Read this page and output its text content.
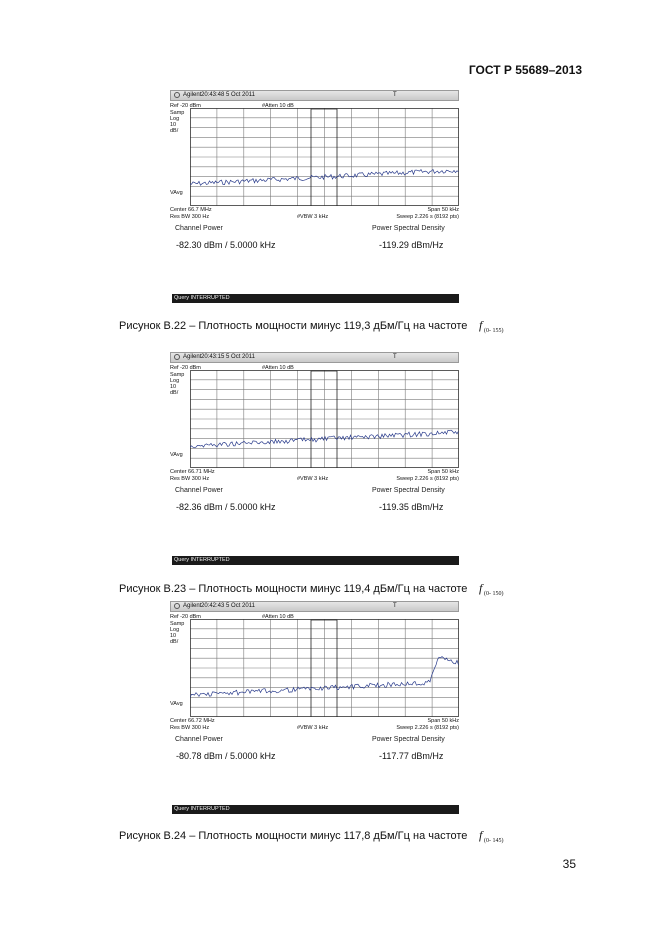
ГОСТ Р 55689–2013
Agilent 20:43:48 5 Oct 2011	T
Ref -20 dBm	#Atten 10 dB
Samp
Log
10
dB/
VAvg
Center 66.7 MHz	Span 50 kHz
Res BW 300 Hz	#VBW 3 kHz	Sweep 2.226 s (8192 pts)
Channel Power	Power Spectral Density
-82.30 dBm / 5.0000 kHz	-119.29 dBm/Hz
Query INTERRUPTED
Рисунок В.22 – Плотность мощности минус 119,3 дБм/Гц на частоте f (0- 155)
Agilent 20:43:15 5 Oct 2011	T
Ref -20 dBm	#Atten 10 dB
Samp
Log
10
dB/
VAvg
Center 66.71 MHz	Span 50 kHz
Res BW 300 Hz	#VBW 3 kHz	Sweep 2.226 s (8192 pts)
Channel Power	Power Spectral Density
-82.36 dBm / 5.0000 kHz	-119.35 dBm/Hz
Query INTERRUPTED
Рисунок В.23 – Плотность мощности минус 119,4 дБм/Гц на частоте f (0- 150)
Agilent 20:42:43 5 Oct 2011	T
Ref -20 dBm	#Atten 10 dB
Samp
Log
10
dB/
VAvg
Center 66.72 MHz	Span 50 kHz
Res BW 300 Hz	#VBW 3 kHz	Sweep 2.226 s (8192 pts)
Channel Power	Power Spectral Density
-80.78 dBm / 5.0000 kHz	-117.77 dBm/Hz
Query INTERRUPTED
Рисунок В.24 – Плотность мощности минус 117,8 дБм/Гц на частоте f (0- 145)
35
